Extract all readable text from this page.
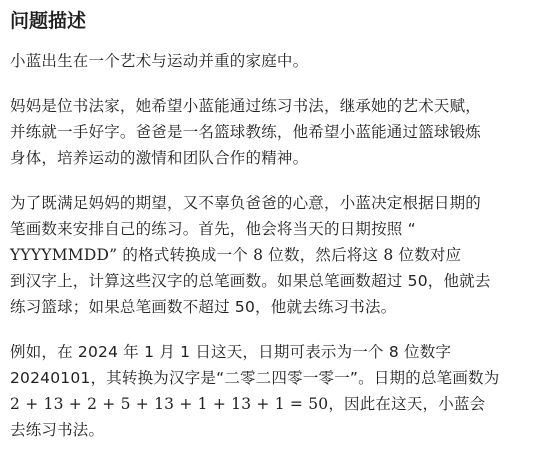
问题描述
小蓝出生在一个艺术与运动并重的家庭中。
妈妈是位书法家，她希望小蓝能通过练习书法，继承她的艺术天赋，
并练就一手好字。爸爸是一名篮球教练，他希望小蓝能通过篮球锻炼
身体，培养运动的激情和团队合作的精神。
为了既满足妈妈的期望，又不辜负爸爸的心意，小蓝决定根据日期的
笔画数来安排自己的练习。首先，他会将当天的日期按照 “
YYYYMMDD” 的格式转换成一个 8 位数，然后将这 8 位数对应
到汉字上，计算这些汉字的总笔画数。如果总笔画数超过 50，他就去
练习篮球；如果总笔画数不超过 50，他就去练习书法。
例如，在 2024 年 1 月 1 日这天，日期可表示为一个 8 位数字
20240101，其转换为汉字是“二零二四零一零一”。日期的总笔画数为
2 + 13 + 2 + 5 + 13 + 1 + 13 + 1 = 50，因此在这天，小蓝会
去练习书法。
